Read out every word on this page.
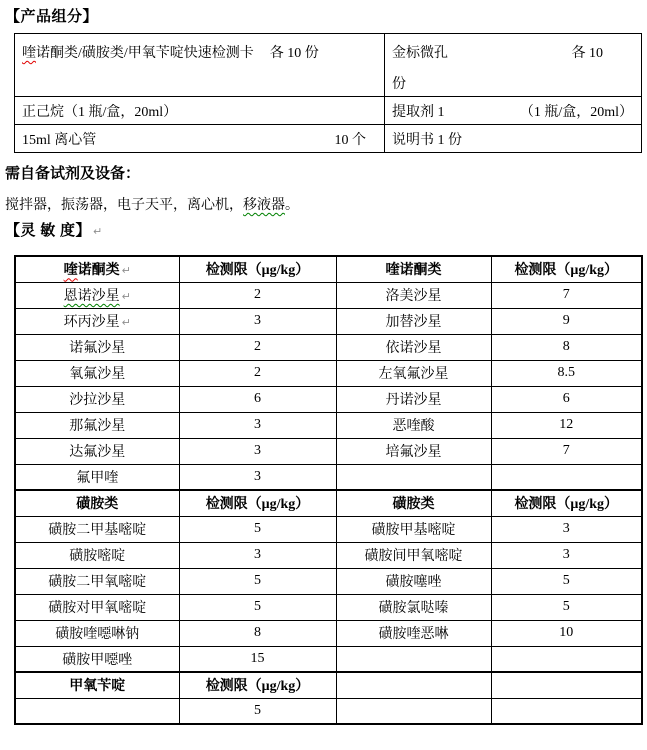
【产品组分】
喹诺酮类/磺胺类/甲氧苄啶快速检测卡 各 10 份	金标微孔 各 10
份

正己烷（1 瓶/盒，20ml）	提取剂 1 （1 瓶/盒，20ml）

15ml 离心管 10 个	说明书 1 份
需自备试剂及设备：
搅拌器，振荡器，电子天平，离心机，移液器。
【灵 敏 度】 ↵
喹诺酮类 ↵	检测限（μg/kg）	喹诺酮类	检测限（μg/kg）
恩诺沙星 ↵	2	洛美沙星	7
环丙沙星 ↵	3	加替沙星	9
诺氟沙星	2	依诺沙星	8
氧氟沙星	2	左氧氟沙星	8.5
沙拉沙星	6	丹诺沙星	6
那氟沙星	3	恶喹酸	12
达氟沙星	3	培氟沙星	7
氟甲喹	3		
磺胺类	检测限（μg/kg）	磺胺类	检测限（μg/kg）
磺胺二甲基嘧啶	5	磺胺甲基嘧啶	3
磺胺嘧啶	3	磺胺间甲氧嘧啶	3
磺胺二甲氧嘧啶	5	磺胺噻唑	5
磺胺对甲氧嘧啶	5	磺胺氯哒嗪	5
磺胺喹噁啉钠	8	磺胺喹恶啉	10
磺胺甲噁唑	15		
甲氧苄啶	检测限（μg/kg）		
	5		
